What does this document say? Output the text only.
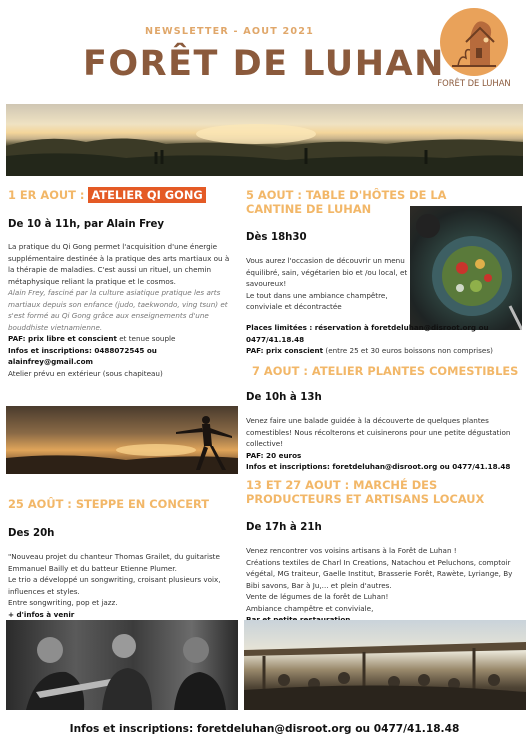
NEWSLETTER - AOUT 2021
FORÊT DE LUHAN
FORÊT DE LUHAN
1 ER AOUT : ATELIER QI GONG
De 10 à 11h, par Alain Frey

La pratique du Qi Gong permet l'acquisition d'une énergie supplémentaire destinée à la pratique des arts martiaux ou à la thérapie de maladies. C'est aussi un rituel, un chemin métaphysique reliant la pratique et le cosmos.

Alain Frey, fasciné par la culture asiatique pratique les arts martiaux depuis son enfance (judo, taekwondo, ving tsun) et s'est formé au Qi Gong grâce aux enseignements d'une bouddhiste vietnamienne.

PAF: prix libre et conscient et tenue souple

Infos et inscriptions: 0488072545 ou alainfrey@gmail.com

Atelier prévu en extérieur (sous chapiteau)

25 AOÛT : STEPPE EN CONCERT
Des 20h

"Nouveau projet du chanteur Thomas Grailet, du guitariste Emmanuel Bailly et du batteur Etienne Plumer.

Le trio a développé un songwriting, croisant plusieurs voix, influences et styles.

Entre songwriting, pop et jazz.

+ d'infos à venir

5 AOUT : TABLE D'HÔTES DE LA CANTINE DE LUHAN
Dès 18h30

Vous aurez l'occasion de découvrir un menu équilibré, sain, végétarien bio et /ou local, et savoureux!

Le tout dans une ambiance champêtre, conviviale et décontractée

Places limitées : réservation à foretdeluhan@disroot.org ou 0477/41.18.48

PAF: prix conscient (entre 25 et 30 euros boissons non comprises)

7 AOUT : ATELIER PLANTES COMESTIBLES
De 10h à 13h

Venez faire une balade guidée à la découverte de quelques plantes comestibles! Nous récolterons et cuisinerons pour une petite dégustation collective!

PAF: 20 euros

Infos et inscriptions: foretdeluhan@disroot.org ou 0477/41.18.48

13 ET 27 AOUT : MARCHÉ DES PRODUCTEURS ET ARTISANS LOCAUX
De 17h à 21h

Venez rencontrer vos voisins artisans à la Forêt de Luhan !

Créations textiles de Charl In Creations, Natachou et Peluchons, comptoir végétal, MG traiteur, Gaelle Institut, Brasserie Forêt, Rawète, Lyriange, By Bibi savons, Bar à Ju,... et plein d'autres.

Vente de légumes de la forêt de Luhan!

Ambiance champêtre et conviviale,

Infos et inscriptions: foretdeluhan@disroot.org ou 0477/41.18.48
